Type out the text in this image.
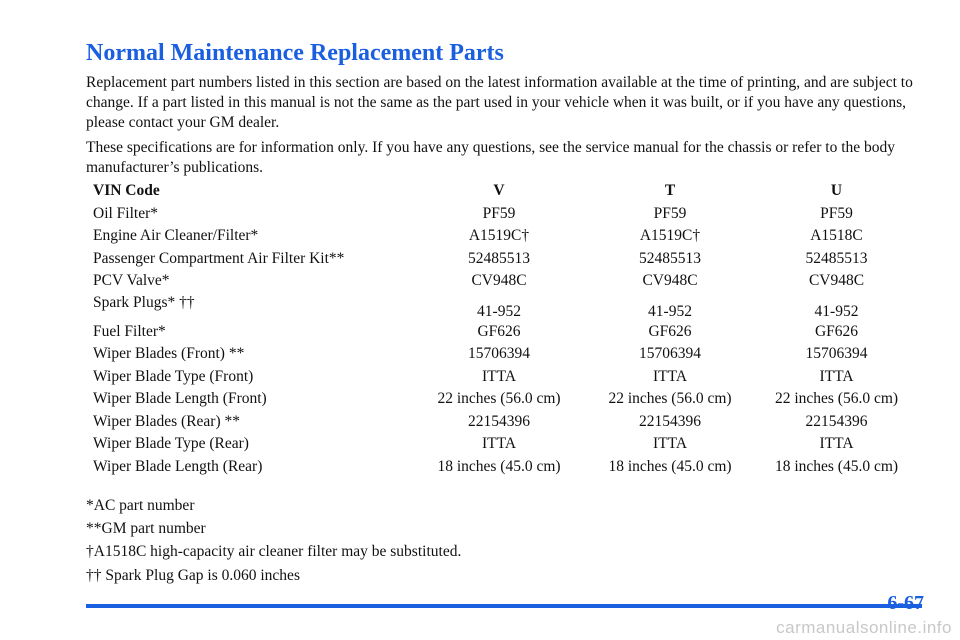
Normal Maintenance Replacement Parts

Replacement part numbers listed in this section are based on the latest information available at the time of printing, and are subject to change. If a part listed in this manual is not the same as the part used in your vehicle when it was built, or if you have any questions, please contact your GM dealer.

These specifications are for information only. If you have any questions, see the service manual for the chassis or refer to the body manufacturer’s publications.

VIN Code	V	T	U
Oil Filter*	PF59	PF59	PF59
Engine Air Cleaner/Filter*	A1519C†	A1519C†	A1518C
Passenger Compartment Air Filter Kit**	52485513	52485513	52485513
PCV Valve*	CV948C	CV948C	CV948C
Spark Plugs* ††	41-952	41-952	41-952
Fuel Filter*	GF626	GF626	GF626
Wiper Blades (Front) **	15706394	15706394	15706394
Wiper Blade Type (Front)	ITTA	ITTA	ITTA
Wiper Blade Length (Front)	22 inches (56.0 cm)	22 inches (56.0 cm)	22 inches (56.0 cm)
Wiper Blades (Rear) **	22154396	22154396	22154396
Wiper Blade Type (Rear)	ITTA	ITTA	ITTA
Wiper Blade Length (Rear)	18 inches (45.0 cm)	18 inches (45.0 cm)	18 inches (45.0 cm)

*AC part number

**GM part number

†A1518C high-capacity air cleaner filter may be substituted.

†† Spark Plug Gap is 0.060 inches

6-67
carmanualsonline.info
